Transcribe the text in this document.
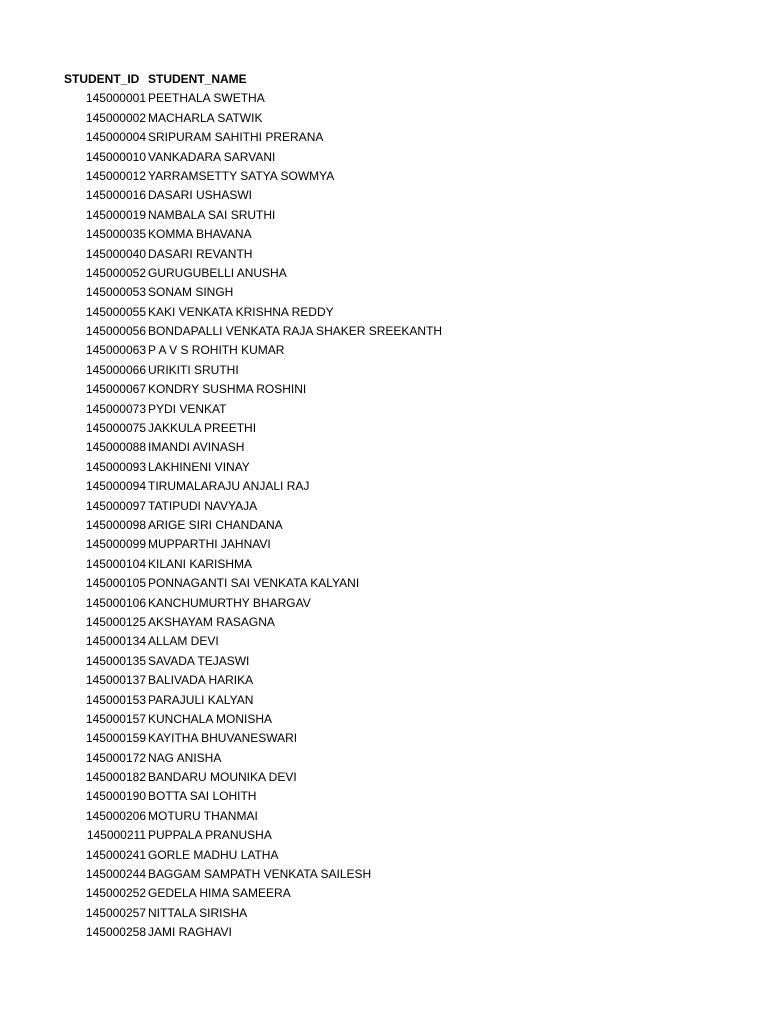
STUDENT_ID STUDENT_NAME
145000001 PEETHALA SWETHA
145000002 MACHARLA SATWIK
145000004 SRIPURAM SAHITHI PRERANA
145000010 VANKADARA SARVANI
145000012 YARRAMSETTY SATYA SOWMYA
145000016 DASARI USHASWI
145000019 NAMBALA SAI SRUTHI
145000035 KOMMA BHAVANA
145000040 DASARI REVANTH
145000052 GURUGUBELLI ANUSHA
145000053 SONAM SINGH
145000055 KAKI VENKATA KRISHNA REDDY
145000056 BONDAPALLI VENKATA RAJA SHAKER SREEKANTH
145000063 P A V S ROHITH KUMAR
145000066 URIKITI SRUTHI
145000067 KONDRY SUSHMA ROSHINI
145000073 PYDI VENKAT
145000075 JAKKULA PREETHI
145000088 IMANDI AVINASH
145000093 LAKHINENI VINAY
145000094 TIRUMALARAJU ANJALI RAJ
145000097 TATIPUDI NAVYAJA
145000098 ARIGE SIRI CHANDANA
145000099 MUPPARTHI JAHNAVI
145000104 KILANI KARISHMA
145000105 PONNAGANTI SAI VENKATA KALYANI
145000106 KANCHUMURTHY BHARGAV
145000125 AKSHAYAM RASAGNA
145000134 ALLAM DEVI
145000135 SAVADA TEJASWI
145000137 BALIVADA HARIKA
145000153 PARAJULI KALYAN
145000157 KUNCHALA MONISHA
145000159 KAYITHA BHUVANESWARI
145000172 NAG ANISHA
145000182 BANDARU MOUNIKA DEVI
145000190 BOTTA SAI LOHITH
145000206 MOTURU THANMAI
145000211 PUPPALA PRANUSHA
145000241 GORLE MADHU LATHA
145000244 BAGGAM SAMPATH VENKATA SAILESH
145000252 GEDELA HIMA SAMEERA
145000257 NITTALA SIRISHA
145000258 JAMI RAGHAVI
